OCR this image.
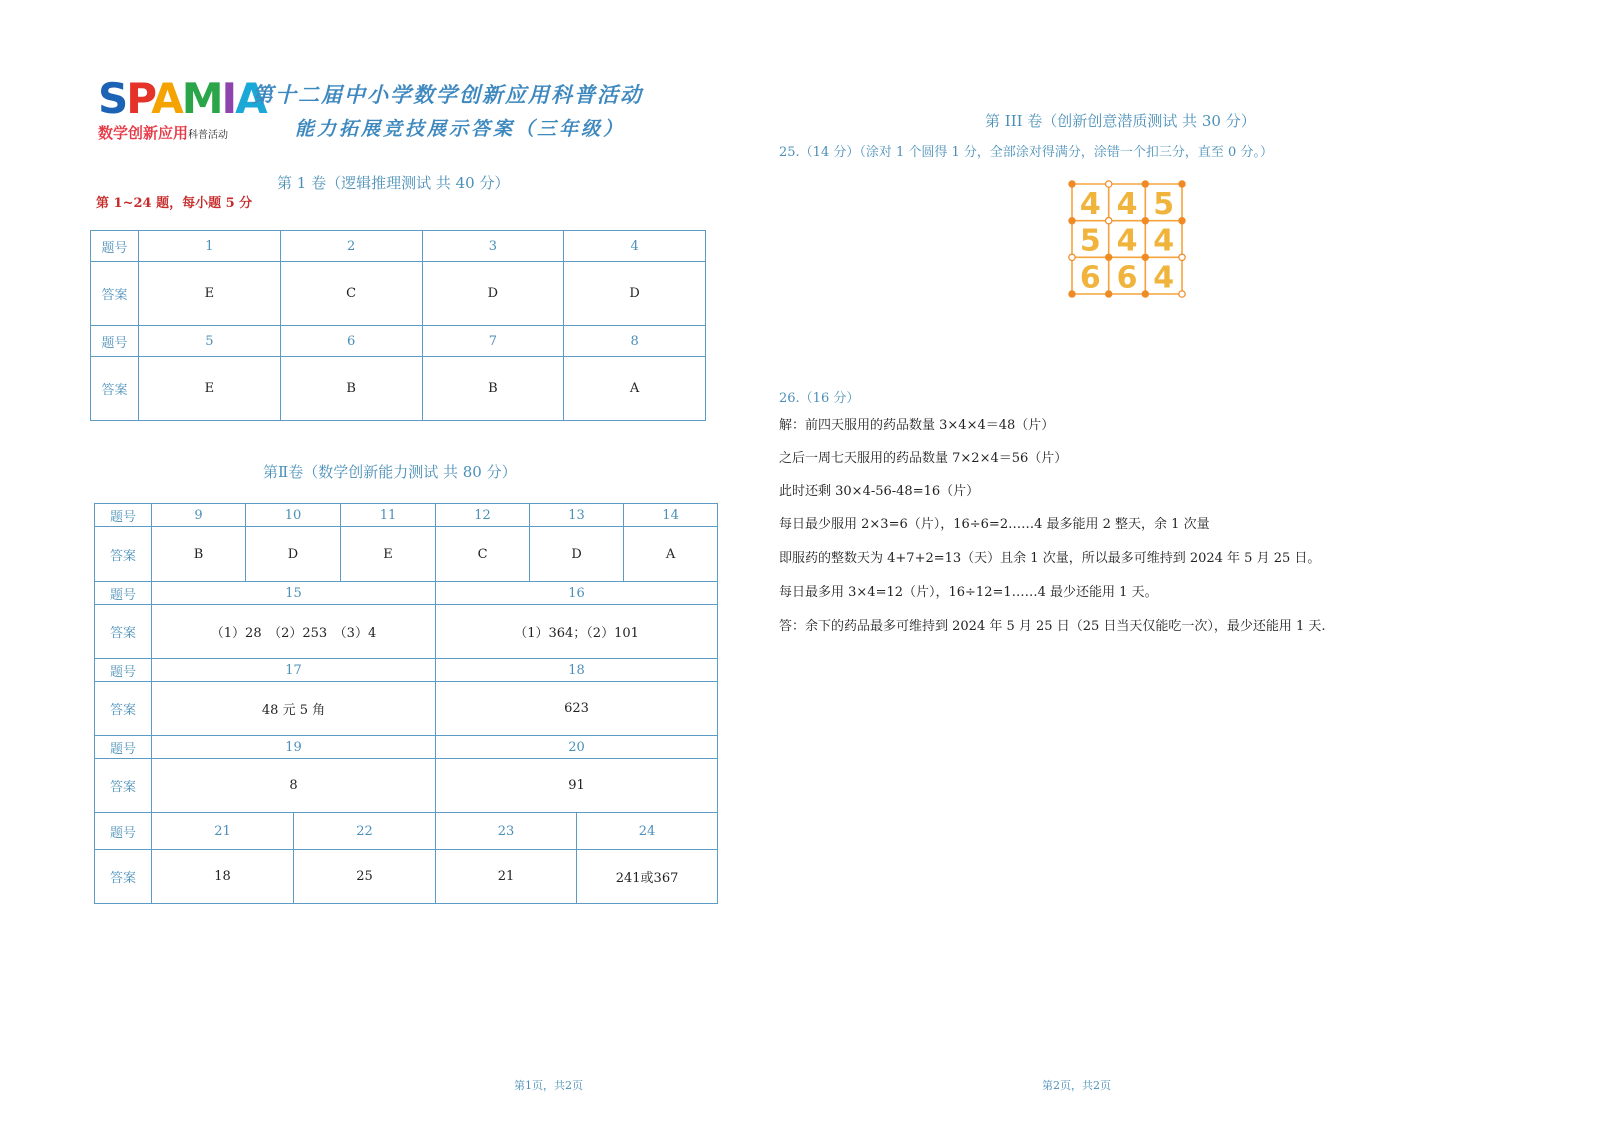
SPAMIA
数学创新应用科普活动
第十二届中小学数学创新应用科普活动
能力拓展竞技展示答案（三年级）
第 1 卷（逻辑推理测试 共 40 分）
第 1~24 题，每小题 5 分
题号	1	2	3	4
答案	E	C	D	D
题号	5	6	7	8
答案	E	B	B	A
第Ⅱ卷（数学创新能力测试 共 80 分）
题号	9	10		11	12	13		14
答案	B	D		E	C	D		A
题号	15				16			
答案	（1）28　（2）253　（3）4				（1）364；（2）101			
题号	17				18			
答案	48 元 5 角				623			
题号	19				20			
答案	8				91			
题号	21		22		23		24	
答案	18		25		21		241或367	
第1页，共2页
第 III 卷（创新创意潜质测试 共 30 分）
25.（14 分）（涂对 1 个圆得 1 分，全部涂对得满分，涂错一个扣三分，直至 0 分。）
4 4 5
5 4 4
6 6 4
26.（16 分）
解：前四天服用的药品数量 3×4×4＝48（片）
之后一周七天服用的药品数量 7×2×4＝56（片）
此时还剩 30×4-56-48=16（片）
每日最少服用 2×3=6（片），16÷6=2……4 最多能用 2 整天，余 1 次量
即服药的整数天为 4+7+2=13（天）且余 1 次量，所以最多可维持到 2024 年 5 月 25 日。
每日最多用 3×4=12（片），16÷12=1……4 最少还能用 1 天。
答：余下的药品最多可维持到 2024 年 5 月 25 日（25 日当天仅能吃一次），最少还能用 1 天.
第2页，共2页
